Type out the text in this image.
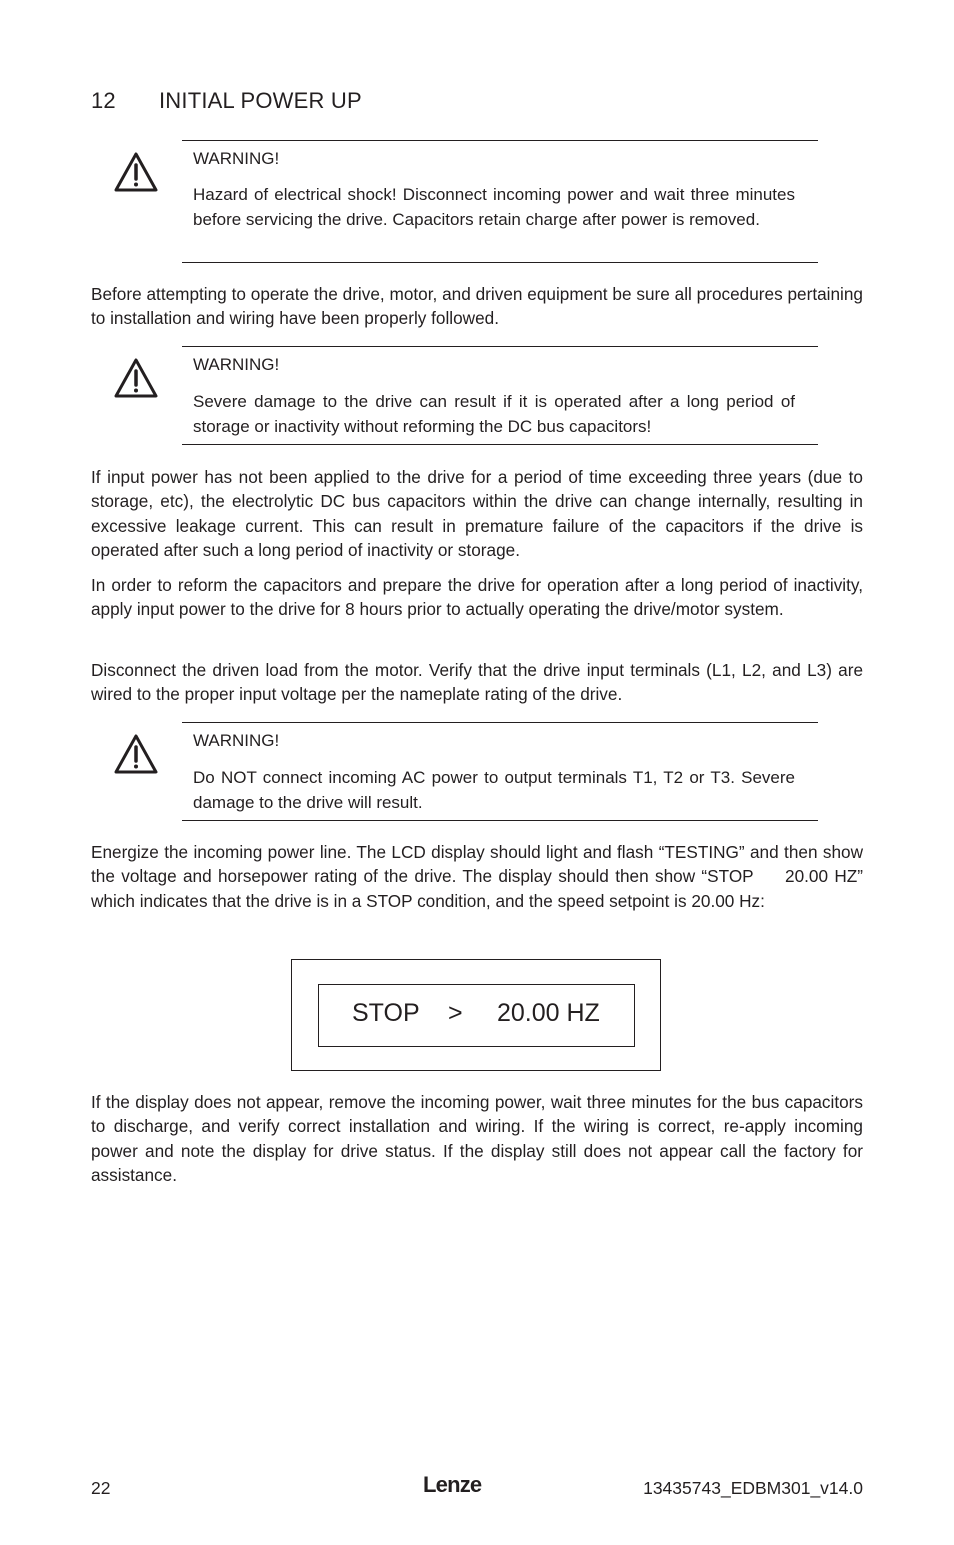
12 INITIAL POWER UP
WARNING!
Hazard of electrical shock! Disconnect incoming power and wait three minutes before servicing the drive. Capacitors retain charge after power is removed.
Before attempting to operate the drive, motor, and driven equipment be sure all procedures pertaining to installation and wiring have been properly followed.
WARNING!
Severe damage to the drive can result if it is operated after a long period of storage or inactivity without reforming the DC bus capacitors!
If input power has not been applied to the drive for a period of time exceeding three years (due to storage, etc), the electrolytic DC bus capacitors within the drive can change internally, resulting in excessive leakage current. This can result in premature failure of the capacitors if the drive is operated after such a long period of inactivity or storage.
In order to reform the capacitors and prepare the drive for operation after a long period of inactivity, apply input power to the drive for 8 hours prior to actually operating the drive/motor system.
Disconnect the driven load from the motor. Verify that the drive input terminals (L1, L2, and L3) are wired to the proper input voltage per the nameplate rating of the drive.
WARNING!
Do NOT connect incoming AC power to output terminals T1, T2 or T3. Severe damage to the drive will result.
Energize the incoming power line. The LCD display should light and flash “TESTING” and then show the voltage and horsepower rating of the drive. The display should then show “STOP     20.00 HZ” which indicates that the drive is in a STOP condition, and the speed setpoint is 20.00 Hz:
STOP > 20.00 HZ
If the display does not appear, remove the incoming power, wait three minutes for the bus capacitors to discharge, and verify correct installation and wiring. If the wiring is correct, re-apply incoming power and note the display for drive status. If the display still does not appear call the factory for assistance.
22	Lenze	13435743_EDBM301_v14.0
